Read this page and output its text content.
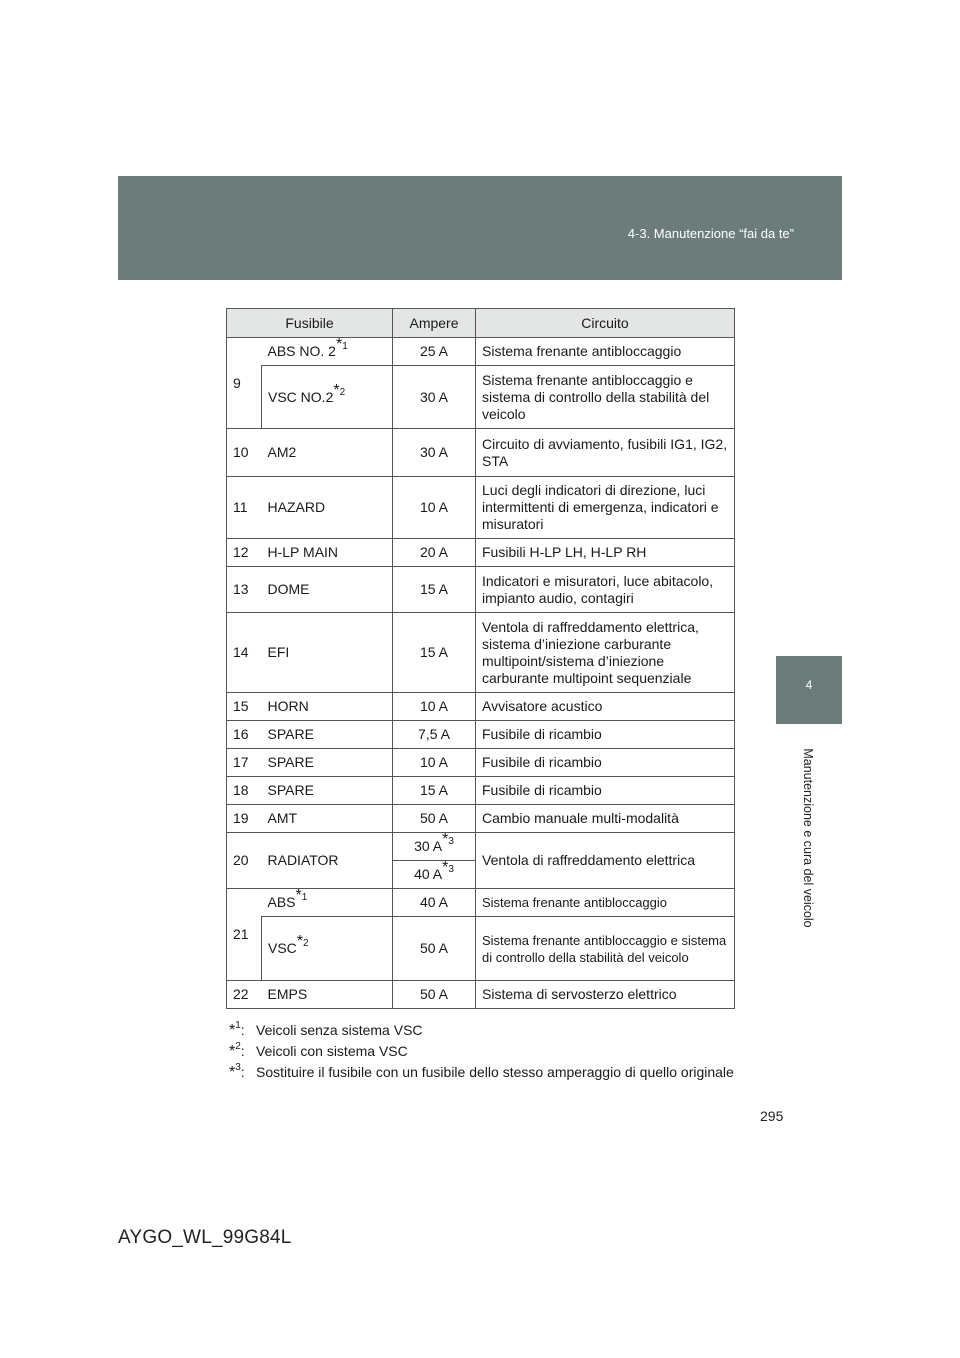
4-3. Manutenzione “fai da te”
4
Manutenzione e cura del veicolo
Fusibile		Ampere	Circuito
9	ABS NO. 2$^{*1}$	25 A	Sistema frenante antibloccaggio
	VSC NO.2$^{*2}$	30 A	Sistema frenante antibloccaggio e sistema di controllo della stabilità del veicolo
10	AM2	30 A	Circuito di avviamento, fusibili IG1, IG2, STA
11	HAZARD	10 A	Luci degli indicatori di direzione, luci intermittenti di emergenza, indicatori e misuratori
12	H-LP MAIN	20 A	Fusibili H-LP LH, H-LP RH
13	DOME	15 A	Indicatori e misuratori, luce abitacolo, impianto audio, contagiri
14	EFI	15 A	Ventola di raffreddamento elettrica, sistema d’iniezione carburante multipoint/sistema d’iniezione carburante multipoint sequenziale
15	HORN	10 A	Avvisatore acustico
16	SPARE	7,5 A	Fusibile di ricambio
17	SPARE	10 A	Fusibile di ricambio
18	SPARE	15 A	Fusibile di ricambio
19	AMT	50 A	Cambio manuale multi-modalità
20	RADIATOR	30 $A^{*3}$	Ventola di raffreddamento elettrica
		40 $A^{*3}$
21	ABS$^{*1}$	40 A	Sistema frenante antibloccaggio
	VSC$^{*2}$	50 A	Sistema frenante antibloccaggio e sistema di controllo della stabilità del veicolo
22	EMPS	50 A	Sistema di servosterzo elettrico
*$^1$: Veicoli senza sistema VSC
*$^2$: Veicoli con sistema VSC
*$^3$: Sostituire il fusibile con un fusibile dello stesso amperaggio di quello originale
295
AYGO_WL_99G84L
